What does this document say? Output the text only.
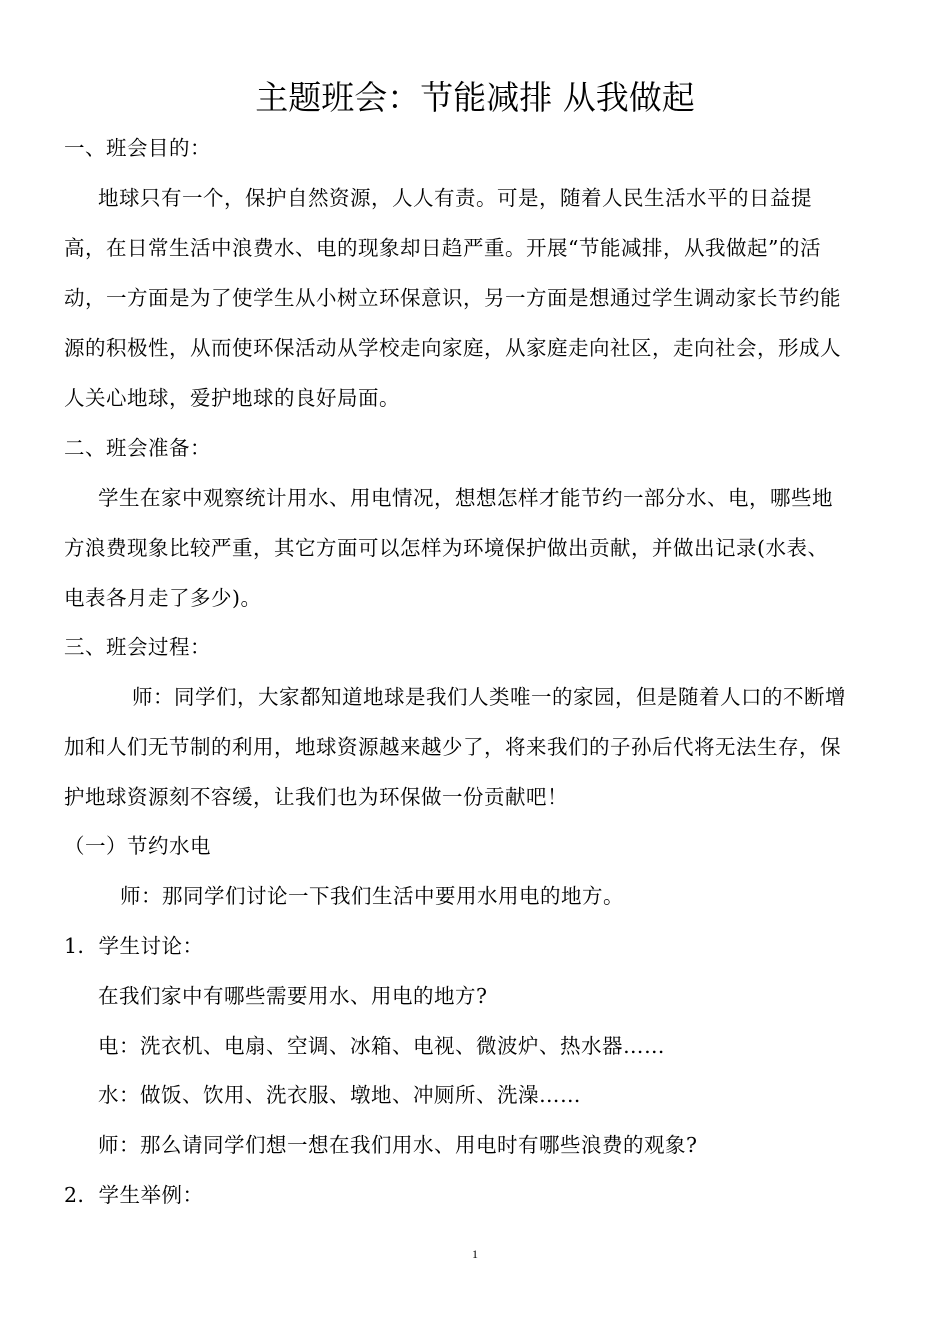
主题班会：节能减排 从我做起
一、班会目的：
地球只有一个，保护自然资源，人人有责。可是，随着人民生活水平的日益提
高，在日常生活中浪费水、电的现象却日趋严重。开展“节能减排，从我做起”的活
动，一方面是为了使学生从小树立环保意识，另一方面是想通过学生调动家长节约能
源的积极性，从而使环保活动从学校走向家庭，从家庭走向社区，走向社会，形成人
人关心地球，爱护地球的良好局面。
二、班会准备：
学生在家中观察统计用水、用电情况，想想怎样才能节约一部分水、电，哪些地
方浪费现象比较严重，其它方面可以怎样为环境保护做出贡献，并做出记录(水表、
电表各月走了多少)。
三、班会过程：
师：同学们，大家都知道地球是我们人类唯一的家园，但是随着人口的不断增
加和人们无节制的利用，地球资源越来越少了，将来我们的子孙后代将无法生存，保
护地球资源刻不容缓，让我们也为环保做一份贡献吧！
（一）节约水电
师：那同学们讨论一下我们生活中要用水用电的地方。
1．学生讨论：
在我们家中有哪些需要用水、用电的地方?
电：洗衣机、电扇、空调、冰箱、电视、微波炉、热水器……
水：做饭、饮用、洗衣服、墩地、冲厕所、洗澡……
师：那么请同学们想一想在我们用水、用电时有哪些浪费的观象?
2．学生举例：
1
